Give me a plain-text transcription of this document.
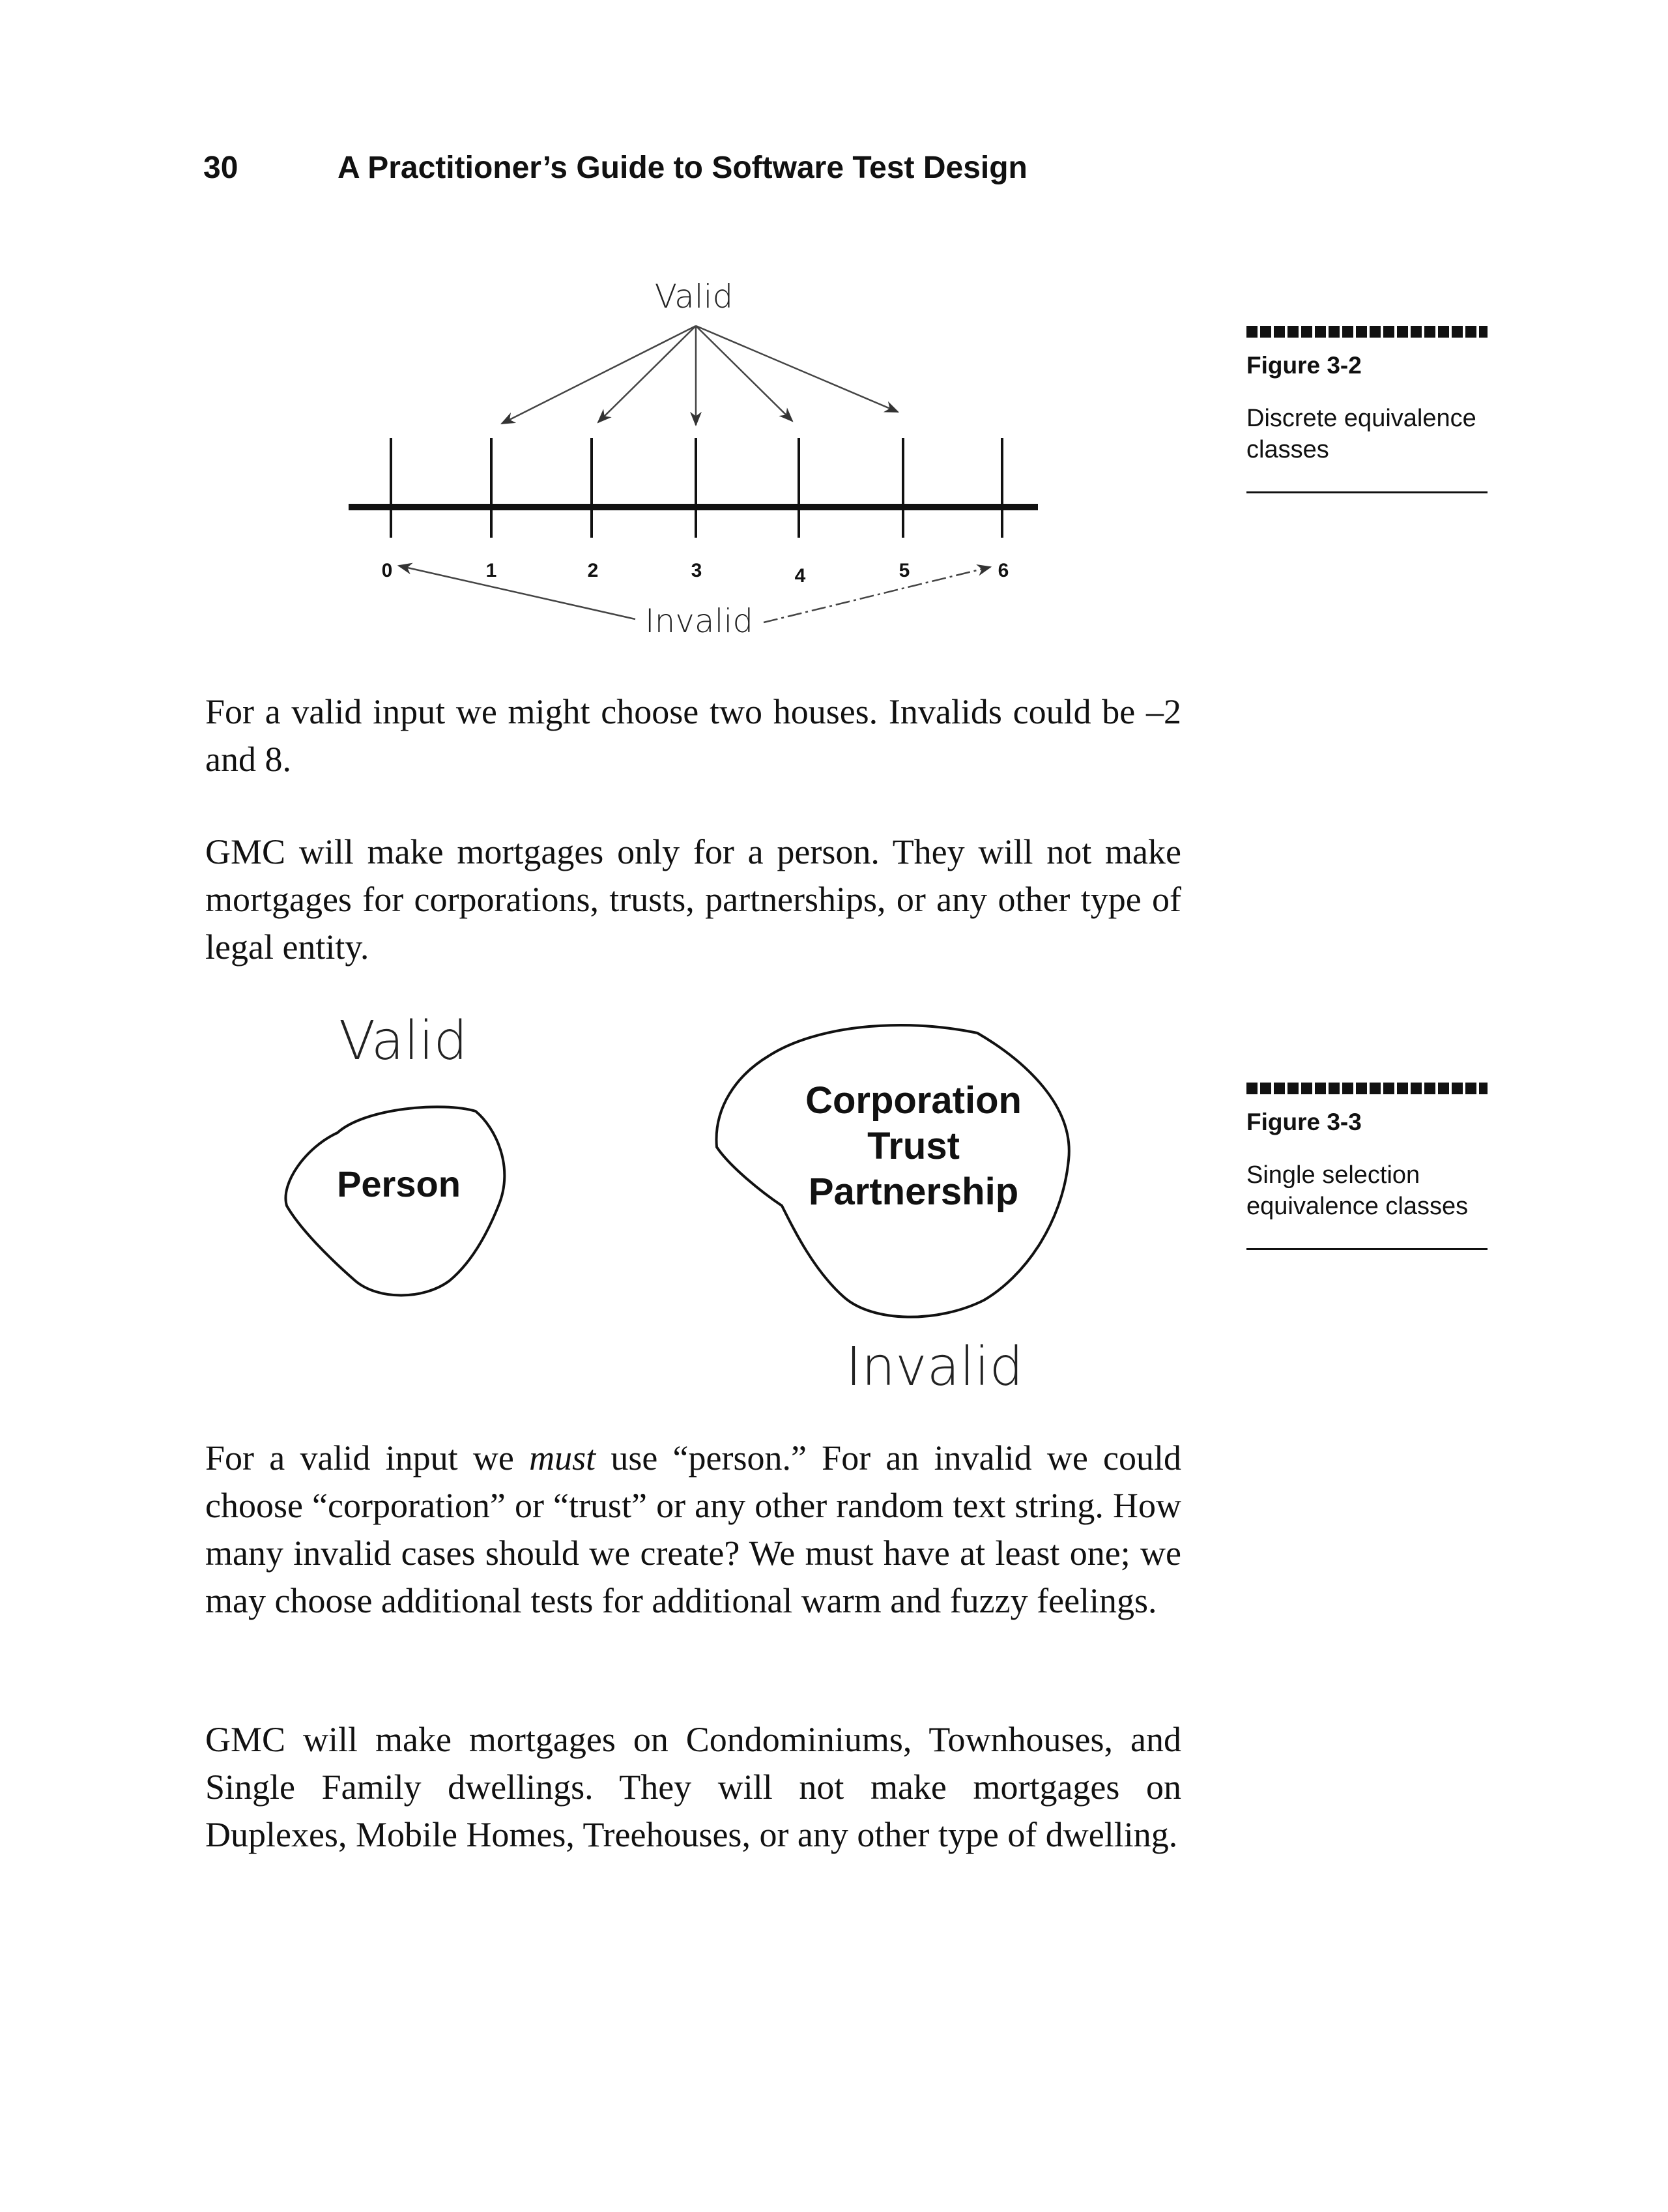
30	A Practitioner’s Guide to Software Test Design
Valid
0	1	2	3	4	5	6
Invalid
Figure 3-2
Discrete equivalence classes
For a valid input we might choose two houses. Invalids could be –2 and 8.
GMC will make mortgages only for a person. They will not make mortgages for corporations, trusts, partnerships, or any other type of legal entity.
Valid
Person
Corporation
Trust
Partnership
Invalid
Figure 3-3
Single selection equivalence classes
For a valid input we must use “person.” For an invalid we could choose “corporation” or “trust” or any other random text string. How many invalid cases should we create? We must have at least one; we may choose additional tests for additional warm and fuzzy feelings.
GMC will make mortgages on Condominiums, Townhouses, and Single Family dwellings. They will not make mortgages on Duplexes, Mobile Homes, Treehouses, or any other type of dwelling.
